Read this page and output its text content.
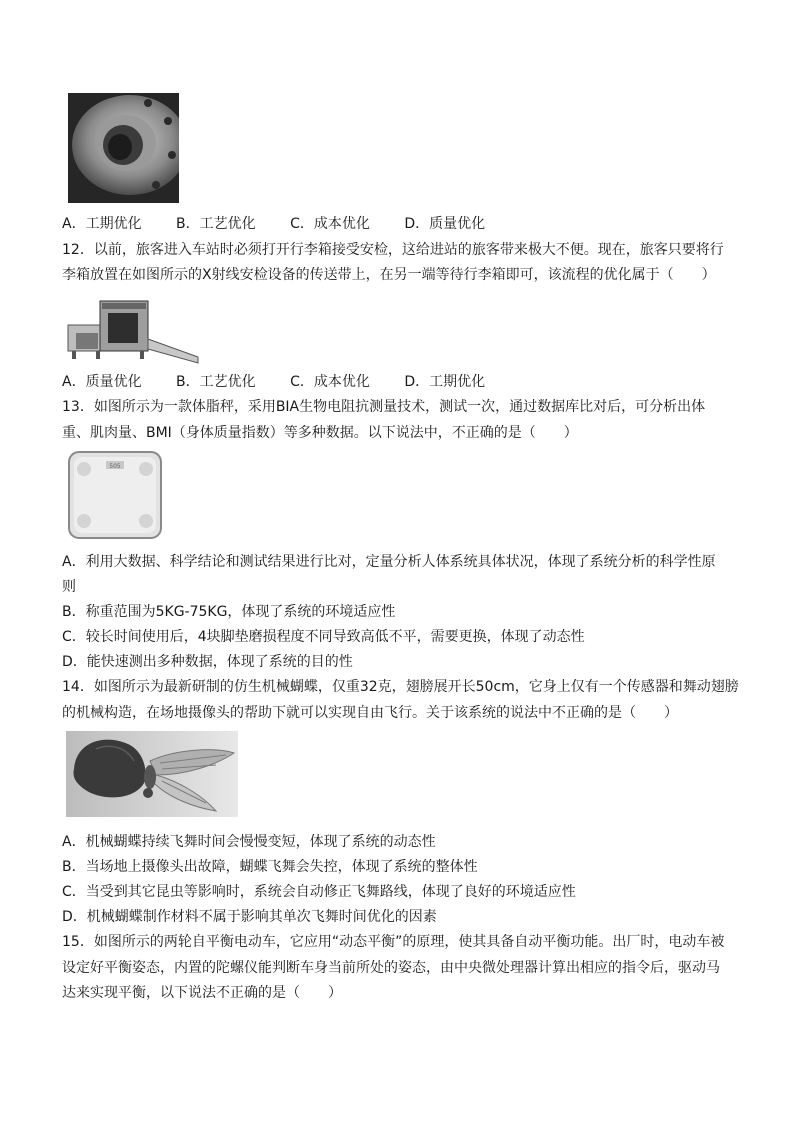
A．工期优化 B．工艺优化 C．成本优化 D．质量优化
12．以前，旅客进入车站时必须打开行李箱接受安检，这给进站的旅客带来极大不便。现在，旅客只要将行
李箱放置在如图所示的X射线安检设备的传送带上，在另一端等待行李箱即可，该流程的优化属于（　　）
A．质量优化 B．工艺优化 C．成本优化 D．工期优化
13．如图所示为一款体脂秤，采用BIA生物电阻抗测量技术，测试一次，通过数据库比对后，可分析出体
重、肌肉量、BMI（身体质量指数）等多种数据。以下说法中，不正确的是（　　）
505
A．利用大数据、科学结论和测试结果进行比对，定量分析人体系统具体状况，体现了系统分析的科学性原
则
B．称重范围为5KG-75KG，体现了系统的环境适应性
C．较长时间使用后，4块脚垫磨损程度不同导致高低不平，需要更换，体现了动态性
D．能快速测出多种数据，体现了系统的目的性
14．如图所示为最新研制的仿生机械蝴蝶，仅重32克，翅膀展开长50cm，它身上仅有一个传感器和舞动翅膀
的机械构造，在场地摄像头的帮助下就可以实现自由飞行。关于该系统的说法中不正确的是（　　）
A．机械蝴蝶持续飞舞时间会慢慢变短，体现了系统的动态性
B．当场地上摄像头出故障，蝴蝶飞舞会失控，体现了系统的整体性
C．当受到其它昆虫等影响时，系统会自动修正飞舞路线，体现了良好的环境适应性
D．机械蝴蝶制作材料不属于影响其单次飞舞时间优化的因素
15．如图所示的两轮自平衡电动车，它应用“动态平衡”的原理，使其具备自动平衡功能。出厂时，电动车被
设定好平衡姿态，内置的陀螺仪能判断车身当前所处的姿态，由中央微处理器计算出相应的指令后，驱动马
达来实现平衡，以下说法不正确的是（　　）
